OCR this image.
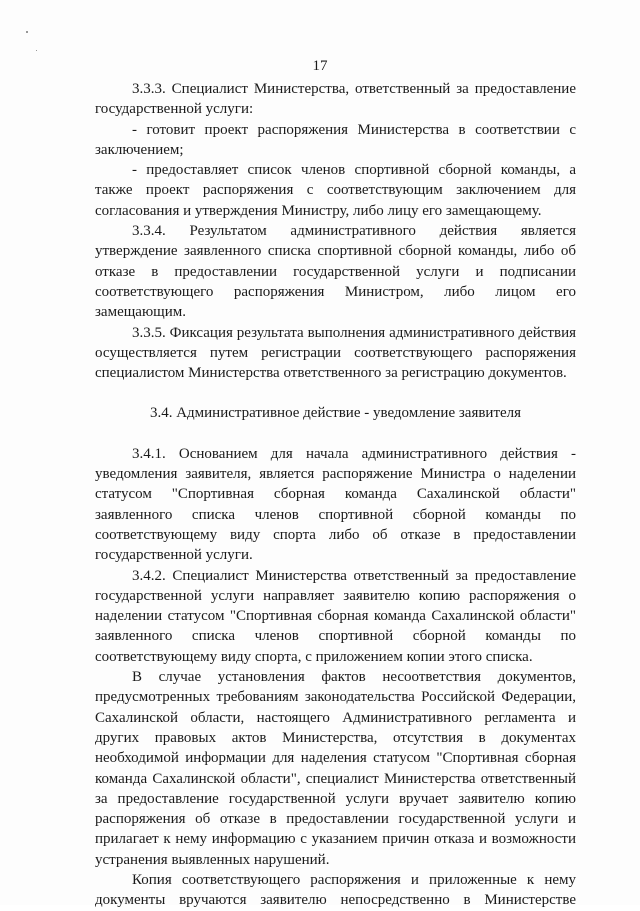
17

3.3.3. Специалист Министерства, ответственный за предоставление государственной услуги:

- готовит проект распоряжения Министерства в соответствии с заключением;

- предоставляет список членов спортивной сборной команды, а также проект распоряжения с соответствующим заключением для согласования и утверждения Министру, либо лицу его замещающему.

3.3.4. Результатом административного действия является утверждение заявленного списка спортивной сборной команды, либо об отказе в предоставлении государственной услуги и подписании соответствующего распоряжения Министром, либо лицом его замещающим.

3.3.5. Фиксация результата выполнения административного действия осуществляется путем регистрации соответствующего распоряжения специалистом Министерства ответственного за регистрацию документов.

3.4. Административное действие - уведомление заявителя

3.4.1. Основанием для начала административного действия - уведомления заявителя, является распоряжение Министра о наделении статусом "Спортивная сборная команда Сахалинской области" заявленного списка членов спортивной сборной команды по соответствующему виду спорта либо об отказе в предоставлении государственной услуги.

3.4.2. Специалист Министерства ответственный за предоставление государственной услуги направляет заявителю копию распоряжения о наделении статусом "Спортивная сборная команда Сахалинской области" заявленного списка членов спортивной сборной команды по соответствующему виду спорта, с приложением копии этого списка.

В случае установления фактов несоответствия документов, предусмотренных требованиям законодательства Российской Федерации, Сахалинской области, настоящего Административного регламента и других правовых актов Министерства, отсутствия в документах необходимой информации для наделения статусом "Спортивная сборная команда Сахалинской области", специалист Министерства ответственный за предоставление государственной услуги вручает заявителю копию распоряжения об отказе в предоставлении государственной услуги и прилагает к нему информацию с указанием причин отказа и возможности устранения выявленных нарушений.

Копия соответствующего распоряжения и приложенные к нему документы вручаются заявителю непосредственно в Министерстве
